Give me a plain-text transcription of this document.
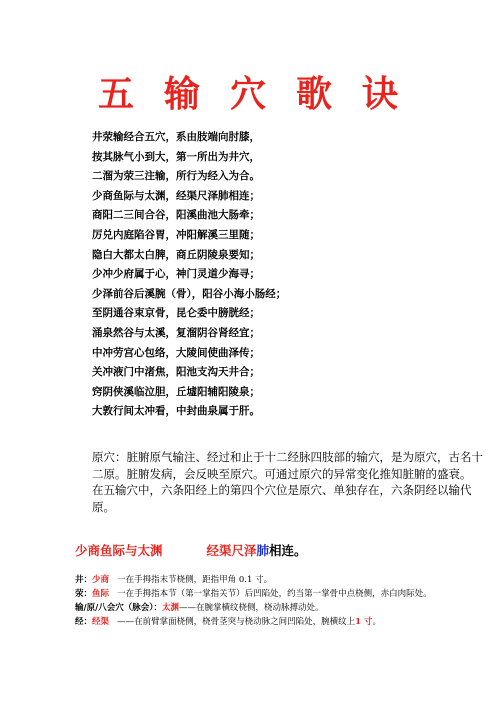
五 输 穴 歌 诀
井荥输经合五穴，系由肢端向肘膝，
按其脉气小到大，第一所出为井穴，
二溜为荥三注输，所行为经入为合。
少商鱼际与太渊，经渠尺泽肺相连；
商阳二三间合谷，阳溪曲池大肠牵；
厉兑内庭陷谷胃，冲阳解溪三里随；
隐白大都太白脾，商丘阴陵泉要知；
少冲少府属于心，神门灵道少海寻；
少泽前谷后溪腕（骨），阳谷小海小肠经；
至阴通谷束京骨，昆仑委中膀胱经；
涌泉然谷与太溪，复溜阴谷肾经宜；
中冲劳宫心包络，大陵间使曲泽传；
关冲液门中渚焦，阳池支沟天井合；
窍阴侠溪临泣胆，丘墟阳辅阳陵泉；
大敦行间太冲看，中封曲泉属于肝。

原穴：脏腑原气输注、经过和止于十二经脉四肢部的输穴，是为原穴，古名十二原。脏腑发病，会反映至原穴。可通过原穴的异常变化推知脏腑的盛衰。

在五输穴中，六条阳经上的第四个穴位是原穴、单独存在，六条阴经以输代原。

少商鱼际与太渊	经渠尺泽肺相连。

井：少商 一在手拇指末节桡侧，距指甲角 0.1 寸。

荥：鱼际 一在手拇指本节（第一掌指关节）后凹陷处，约当第一掌骨中点桡侧，赤白肉际处。

输/原/八会穴（脉会）：太渊——在腕掌横纹桡侧，桡动脉搏动处。

经：经渠 ——在前臂掌面桡侧，桡骨茎突与桡动脉之间凹陷处，腕横纹上1 寸。
